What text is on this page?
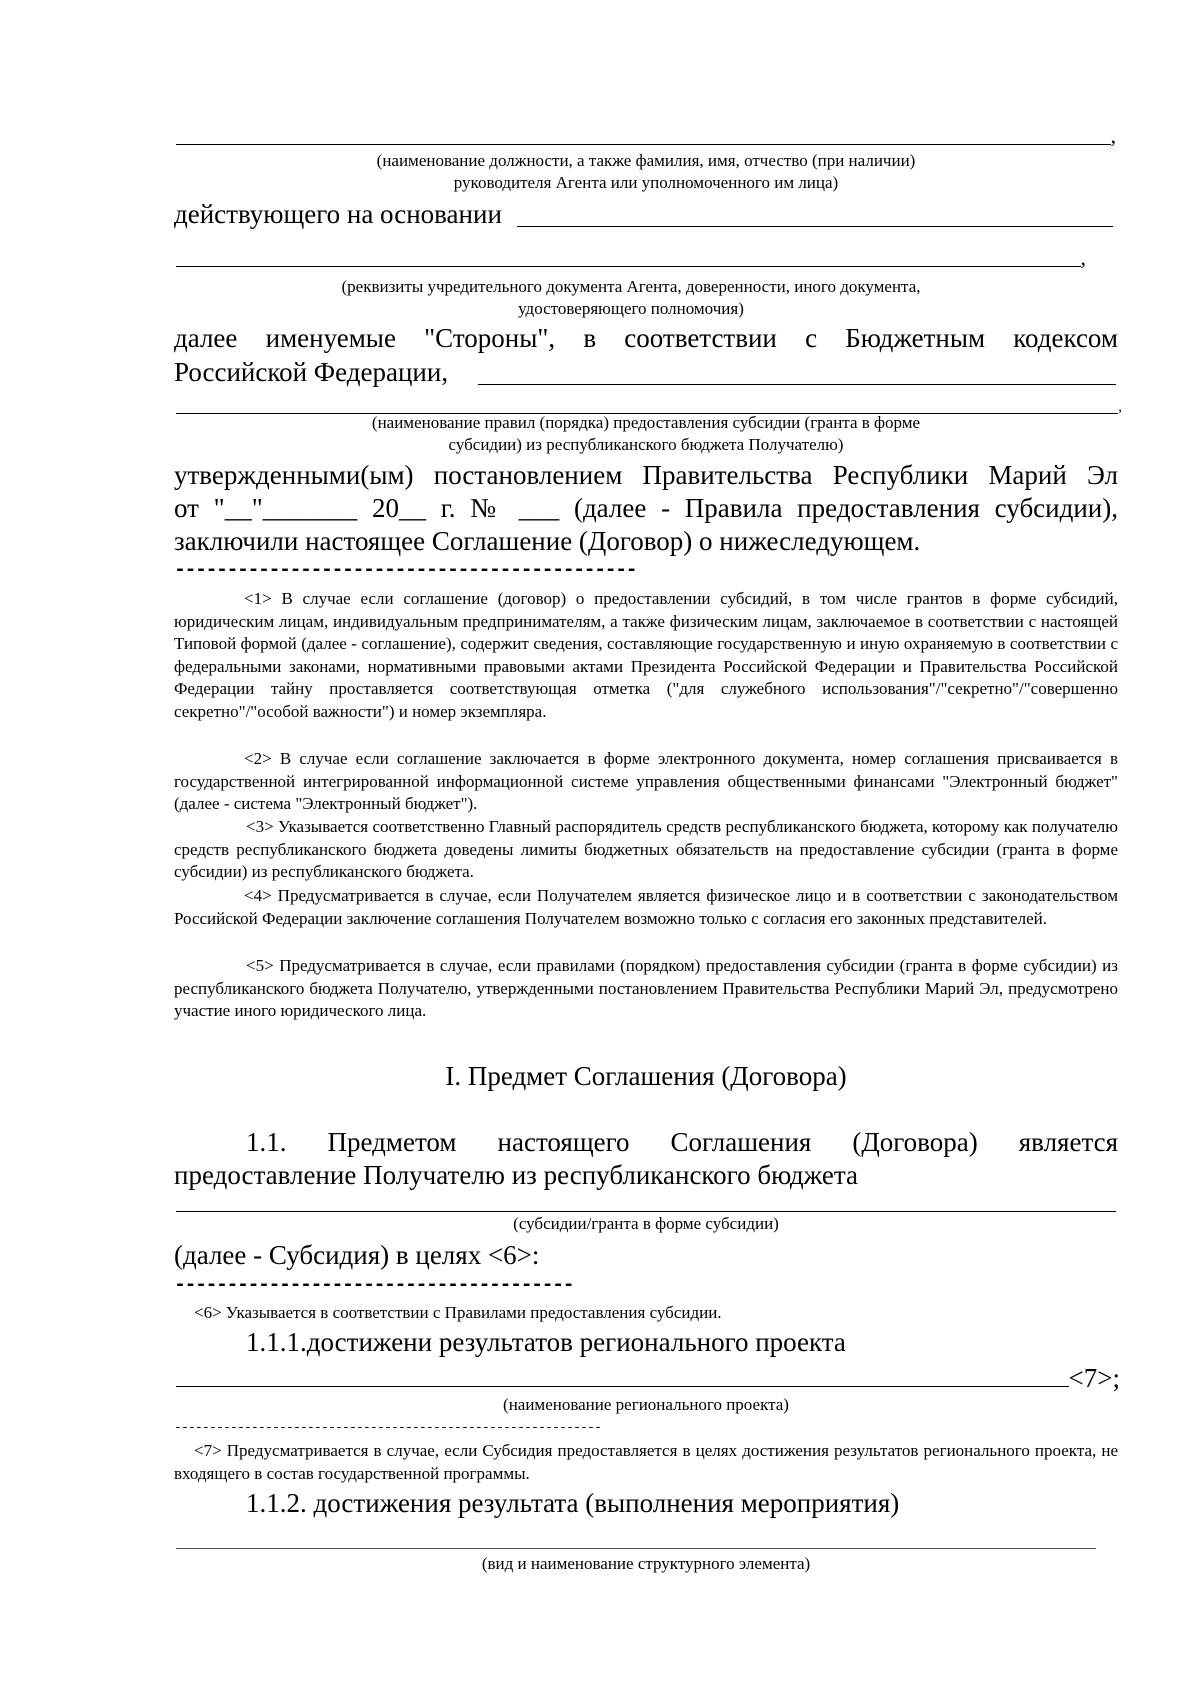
,
(наименование должности, а также фамилия, имя, отчество (при наличии)
руководителя Агента или уполномоченного им лица)
действующего на основании
,
(реквизиты учредительного документа Агента, доверенности, иного документа,
удостоверяющего полномочия)
далее именуемые "Стороны", в соответствии с Бюджетным кодексом
Российской Федерации,
,
(наименование правил (порядка) предоставления субсидии (гранта в форме
субсидии) из республиканского бюджета Получателю)
утвержденными(ым) постановлением Правительства Республики Марий Эл
от "__"_______ 20__ г. № ___ (далее - Правила предоставления субсидии),
заключили настоящее Соглашение (Договор) о нижеследующем.
--------------------------------------------
<1> В случае если соглашение (договор) о предоставлении субсидий, в том числе грантов в форме субсидий, юридическим лицам, индивидуальным предпринимателям, а также физическим лицам, заключаемое в соответствии с настоящей Типовой формой (далее - соглашение), содержит сведения, составляющие государственную и иную охраняемую в соответствии с федеральными законами, нормативными правовыми актами Президента Российской Федерации и Правительства Российской Федерации тайну проставляется соответствующая отметка ("для служебного использования"/"секретно"/"совершенно секретно"/"особой важности") и номер экземпляра.
<2> В случае если соглашение заключается в форме электронного документа, номер соглашения присваивается в государственной интегрированной информационной системе управления общественными финансами "Электронный бюджет" (далее - система "Электронный бюджет").
<3> Указывается соответственно Главный распорядитель средств республиканского бюджета, которому как получателю средств республиканского бюджета доведены лимиты бюджетных обязательств на предоставление субсидии (гранта в форме субсидии) из республиканского бюджета.
<4> Предусматривается в случае, если Получателем является физическое лицо и в соответствии с законодательством Российской Федерации заключение соглашения Получателем возможно только с согласия его законных представителей.
<5> Предусматривается в случае, если правилами (порядком) предоставления субсидии (гранта в форме субсидии) из республиканского бюджета Получателю, утвержденными постановлением Правительства Республики Марий Эл, предусмотрено участие иного юридического лица.
I. Предмет Соглашения (Договора)
1.1. Предметом настоящего Соглашения (Договора) является
предоставление Получателю из республиканского бюджета
(субсидии/гранта в форме субсидии)
(далее - Субсидия) в целях <6>:
--------------------------------------
<6> Указывается в соответствии с Правилами предоставления субсидии.
1.1.1.достижени результатов регионального проекта
<7>;
(наименование регионального проекта)
-------------------------------------------------------------
<7> Предусматривается в случае, если Субсидия предоставляется в целях достижения результатов регионального проекта, не входящего в состав государственной программы.
1.1.2. достижения результата (выполнения мероприятия)
(вид и наименование структурного элемента)
